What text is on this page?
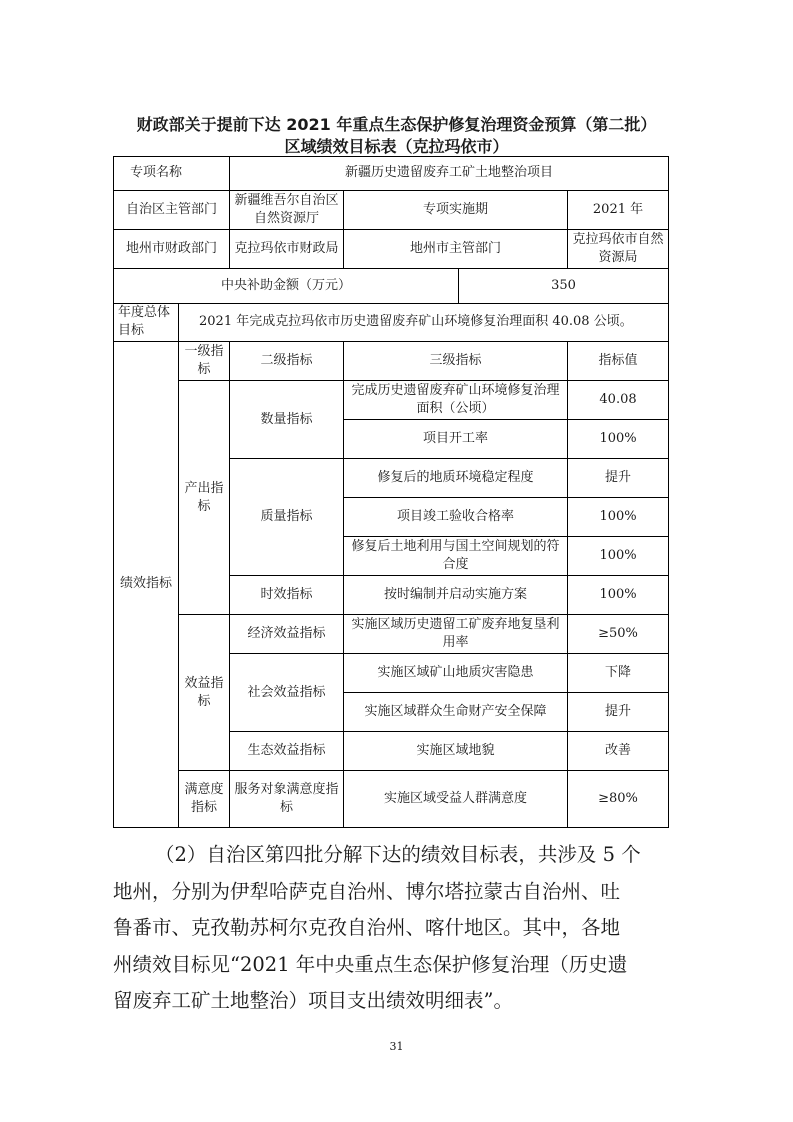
财政部关于提前下达 2021 年重点生态保护修复治理资金预算（第二批）
区域绩效目标表（克拉玛依市）
专项名称		新疆历史遗留废弃工矿土地整治项目			
自治区主管部门		新疆维吾尔自治区自然资源厅	专项实施期		2021 年
地州市财政部门		克拉玛依市财政局	地州市主管部门		克拉玛依市自然资源局
中央补助金额（万元）				350	
年度总体目标	2021 年完成克拉玛依市历史遗留废弃矿山环境修复治理面积 40.08 公顷。				
绩效指标	一级指标	二级指标	三级指标		指标值
	产出指标	数量指标	完成历史遗留废弃矿山环境修复治理面积（公顷）		40.08
			项目开工率		100%
		质量指标	修复后的地质环境稳定程度		提升
			项目竣工验收合格率		100%
			修复后土地利用与国土空间规划的符合度		100%
		时效指标	按时编制并启动实施方案		100%
	效益指标	经济效益指标	实施区域历史遗留工矿废弃地复垦利用率		≥50%
		社会效益指标	实施区域矿山地质灾害隐患		下降
			实施区域群众生命财产安全保障		提升
		生态效益指标	实施区域地貌		改善
	满意度指标	服务对象满意度指标	实施区域受益人群满意度		≥80%
（2）自治区第四批分解下达的绩效目标表，共涉及 5 个
地州，分别为伊犁哈萨克自治州、博尔塔拉蒙古自治州、吐
鲁番市、克孜勒苏柯尔克孜自治州、喀什地区。其中，各地
州绩效目标见“2021 年中央重点生态保护修复治理（历史遗
留废弃工矿土地整治）项目支出绩效明细表”。
31
